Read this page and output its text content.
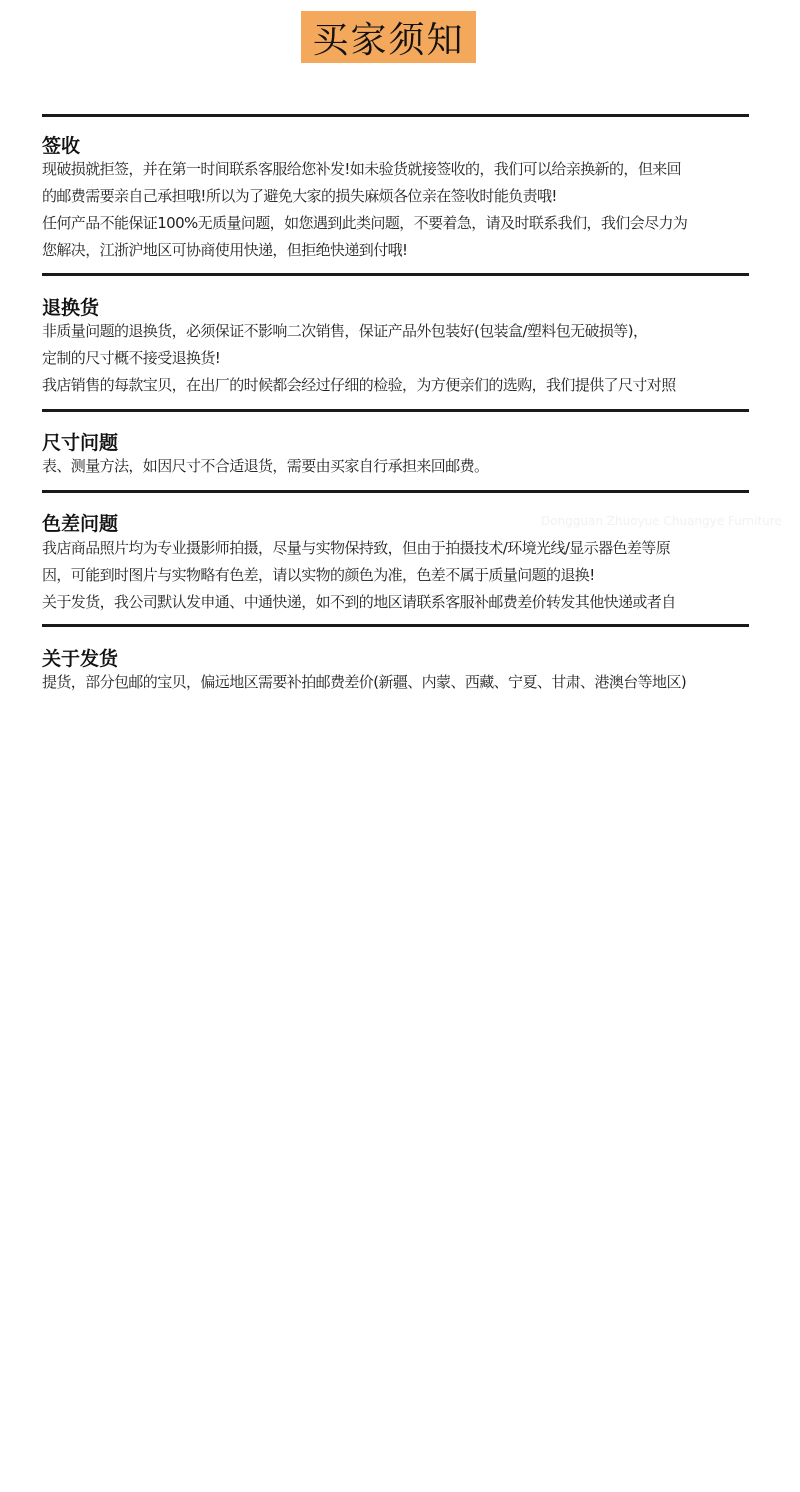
买家须知
签收
现破损就拒签，并在第一时间联系客服给您补发!如未验货就接签收的，我们可以给亲换新的，但来回
的邮费需要亲自己承担哦!所以为了避免大家的损失麻烦各位亲在签收时能负责哦!
任何产品不能保证100%无质量问题，如您遇到此类问题，不要着急，请及时联系我们，我们会尽力为
您解决，江浙沪地区可协商使用快递，但拒绝快递到付哦!
退换货
非质量问题的退换货，必须保证不影响二次销售，保证产品外包装好(包装盒/塑料包无破损等)，
定制的尺寸概不接受退换货!
我店销售的每款宝贝，在出厂的时候都会经过仔细的检验，为方便亲们的选购，我们提供了尺寸对照
尺寸问题
表、测量方法，如因尺寸不合适退货，需要由买家自行承担来回邮费。
Dongguan Zhuoyue Chuangye Furniture
色差问题
我店商品照片均为专业摄影师拍摄，尽量与实物保持致，但由于拍摄技术/环境光线/显示器色差等原
因，可能到时图片与实物略有色差，请以实物的颜色为准，色差不属于质量问题的退换!
关于发货，我公司默认发申通、中通快递，如不到的地区请联系客服补邮费差价转发其他快递或者自
关于发货
提货，部分包邮的宝贝，偏远地区需要补拍邮费差价(新疆、内蒙、西藏、宁夏、甘肃、港澳台等地区)
